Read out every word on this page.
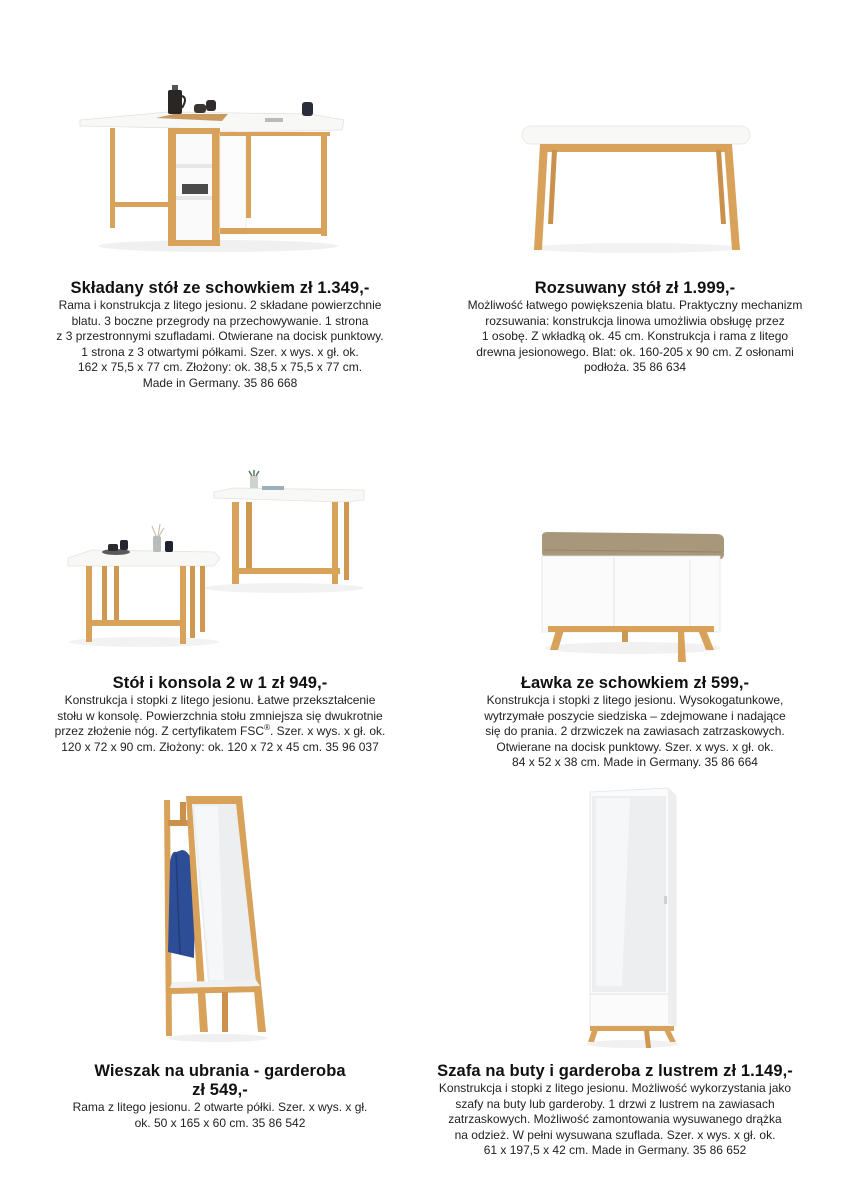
Składany stół ze schowkiem zł 1.349,-
Rama i konstrukcja z litego jesionu. 2 składane powierzchnie
blatu. 3 boczne przegrody na przechowywanie. 1 strona
z 3 przestronnymi szufladami. Otwierane na docisk punktowy.
1 strona z 3 otwartymi półkami. Szer. x wys. x gł. ok.
162 x 75,5 x 77 cm. Złożony: ok. 38,5 x 75,5 x 77 cm.
Made in Germany. 35 86 668
Rozsuwany stół zł 1.999,-
Możliwość łatwego powiększenia blatu. Praktyczny mechanizm
rozsuwania: konstrukcja linowa umożliwia obsługę przez
1 osobę. Z wkładką ok. 45 cm. Konstrukcja i rama z litego
drewna jesionowego. Blat: ok. 160-205 x 90 cm. Z osłonami
podłoża. 35 86 634
Stół i konsola 2 w 1 zł 949,-
Konstrukcja i stopki z litego jesionu. Łatwe przekształcenie
stołu w konsolę. Powierzchnia stołu zmniejsza się dwukrotnie
przez złożenie nóg. Z certyfikatem FSC®. Szer. x wys. x gł. ok.
120 x 72 x 90 cm. Złożony: ok. 120 x 72 x 45 cm. 35 96 037
Ławka ze schowkiem zł 599,-
Konstrukcja i stopki z litego jesionu. Wysokogatunkowe,
wytrzymałe poszycie siedziska – zdejmowane i nadające
się do prania. 2 drzwiczek na zawiasach zatrzaskowych.
Otwierane na docisk punktowy. Szer. x wys. x gł. ok.
84 x 52 x 38 cm. Made in Germany. 35 86 664
Wieszak na ubrania - garderoba
zł 549,-
Rama z litego jesionu. 2 otwarte półki. Szer. x wys. x gł.
ok. 50 x 165 x 60 cm. 35 86 542
Szafa na buty i garderoba z lustrem zł 1.149,-
Konstrukcja i stopki z litego jesionu. Możliwość wykorzystania jako
szafy na buty lub garderoby. 1 drzwi z lustrem na zawiasach
zatrzaskowych. Możliwość zamontowania wysuwanego drążka
na odzież. W pełni wysuwana szuflada. Szer. x wys. x gł. ok.
61 x 197,5 x 42 cm. Made in Germany. 35 86 652
